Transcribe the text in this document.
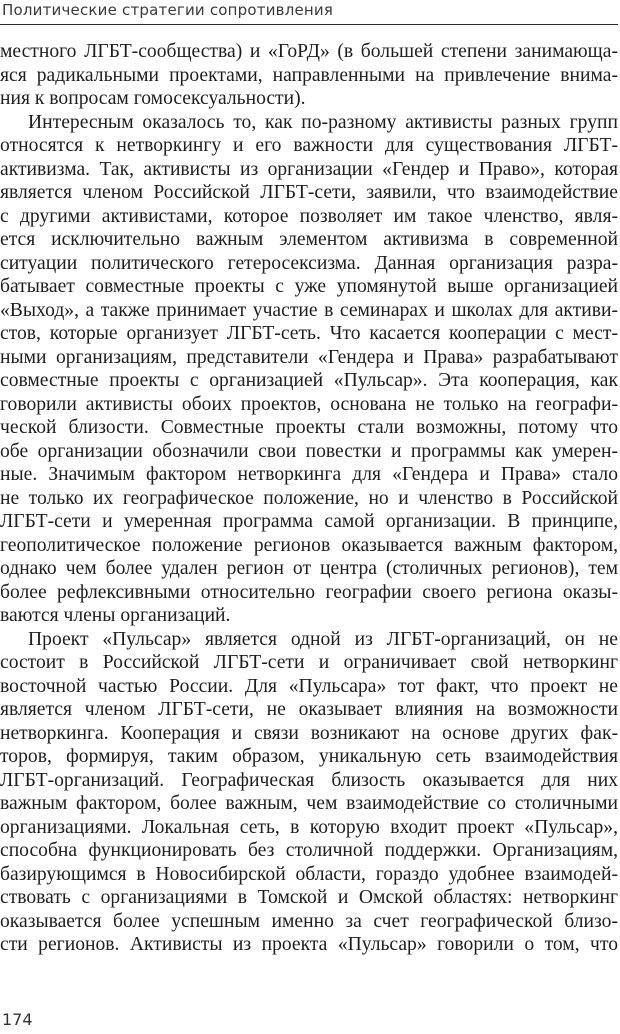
Политические стратегии сопротивления
местного ЛГБТ-сообщества) и «ГоРД» (в большей степени занимающа-
яся радикальными проектами, направленными на привлечение внима-
ния к вопросам гомосексуальности).
Интересным оказалось то, как по-разному активисты разных групп
относятся к нетворкингу и его важности для существования ЛГБТ-
активизма. Так, активисты из организации «Гендер и Право», которая
является членом Российской ЛГБТ-сети, заявили, что взаимодействие
с другими активистами, которое позволяет им такое членство, явля-
ется исключительно важным элементом активизма в современной
ситуации политического гетеросексизма. Данная организация разра-
батывает совместные проекты с уже упомянутой выше организацией
«Выход», а также принимает участие в семинарах и школах для активи-
стов, которые организует ЛГБТ-сеть. Что касается кооперации с мест-
ными организациям, представители «Гендера и Права» разрабатывают
совместные проекты с организацией «Пульсар». Эта кооперация, как
говорили активисты обоих проектов, основана не только на географи-
ческой близости. Совместные проекты стали возможны, потому что
обе организации обозначили свои повестки и программы как умерен-
ные. Значимым фактором нетворкинга для «Гендера и Права» стало
не только их географическое положение, но и членство в Российской
ЛГБТ-сети и умеренная программа самой организации. В принципе,
геополитическое положение регионов оказывается важным фактором,
однако чем более удален регион от центра (столичных регионов), тем
более рефлексивными относительно географии своего региона оказы-
ваются члены организаций.
Проект «Пульсар» является одной из ЛГБТ-организаций, он не
состоит в Российской ЛГБТ-сети и ограничивает свой нетворкинг
восточной частью России. Для «Пульсара» тот факт, что проект не
является членом ЛГБТ-сети, не оказывает влияния на возможности
нетворкинга. Кооперация и связи возникают на основе других фак-
торов, формируя, таким образом, уникальную сеть взаимодействия
ЛГБТ-организаций. Географическая близость оказывается для них
важным фактором, более важным, чем взаимодействие со столичными
организациями. Локальная сеть, в которую входит проект «Пульсар»,
способна функционировать без столичной поддержки. Организациям,
базирующимся в Новосибирской области, гораздо удобнее взаимодей-
ствовать с организациями в Томской и Омской областях: нетворкинг
оказывается более успешным именно за счет географической близо-
сти регионов. Активисты из проекта «Пульсар» говорили о том, что
174
